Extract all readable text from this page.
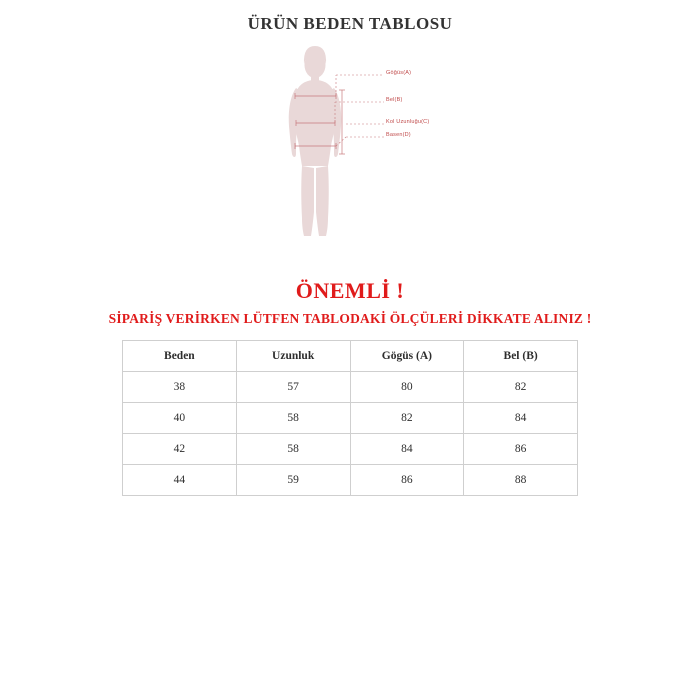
ÜRÜN BEDEN TABLOSU
Göğüs(A)
Bel(B)
Kol Uzunluğu(C)
Basen(D)
ÖNEMLİ !
SİPARİŞ VERİRKEN LÜTFEN TABLODAKİ ÖLÇÜLERİ DİKKATE ALINIZ !
Beden	Uzunluk	Gögüs (A)	Bel (B)
38	57	80	82
40	58	82	84
42	58	84	86
44	59	86	88
